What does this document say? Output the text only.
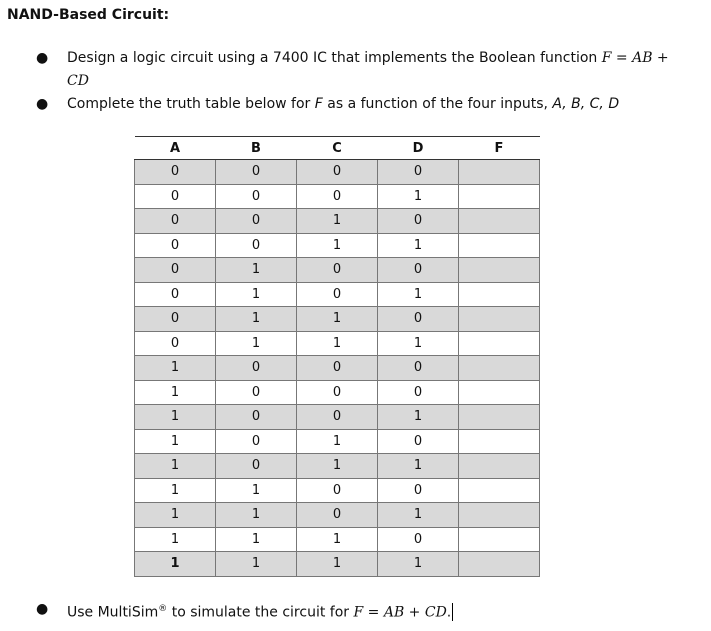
NAND-Based Circuit:
●	Design a logic circuit using a 7400 IC that implements the Boolean function F = AB +
CD
●	Complete the truth table below for F as a function of the four inputs, A, B, C, D
A	B	C	D	F
0	0	0	0	
0	0	0	1	
0	0	1	0	
0	0	1	1	
0	1	0	0	
0	1	0	1	
0	1	1	0	
0	1	1	1	
1	0	0	0	
1	0	0	0	
1	0	0	1	
1	0	1	0	
1	0	1	1	
1	1	0	0	
1	1	0	1	
1	1	1	0	
1	1	1	1	
●	Use MultiSim® to simulate the circuit for F = AB + CD.
